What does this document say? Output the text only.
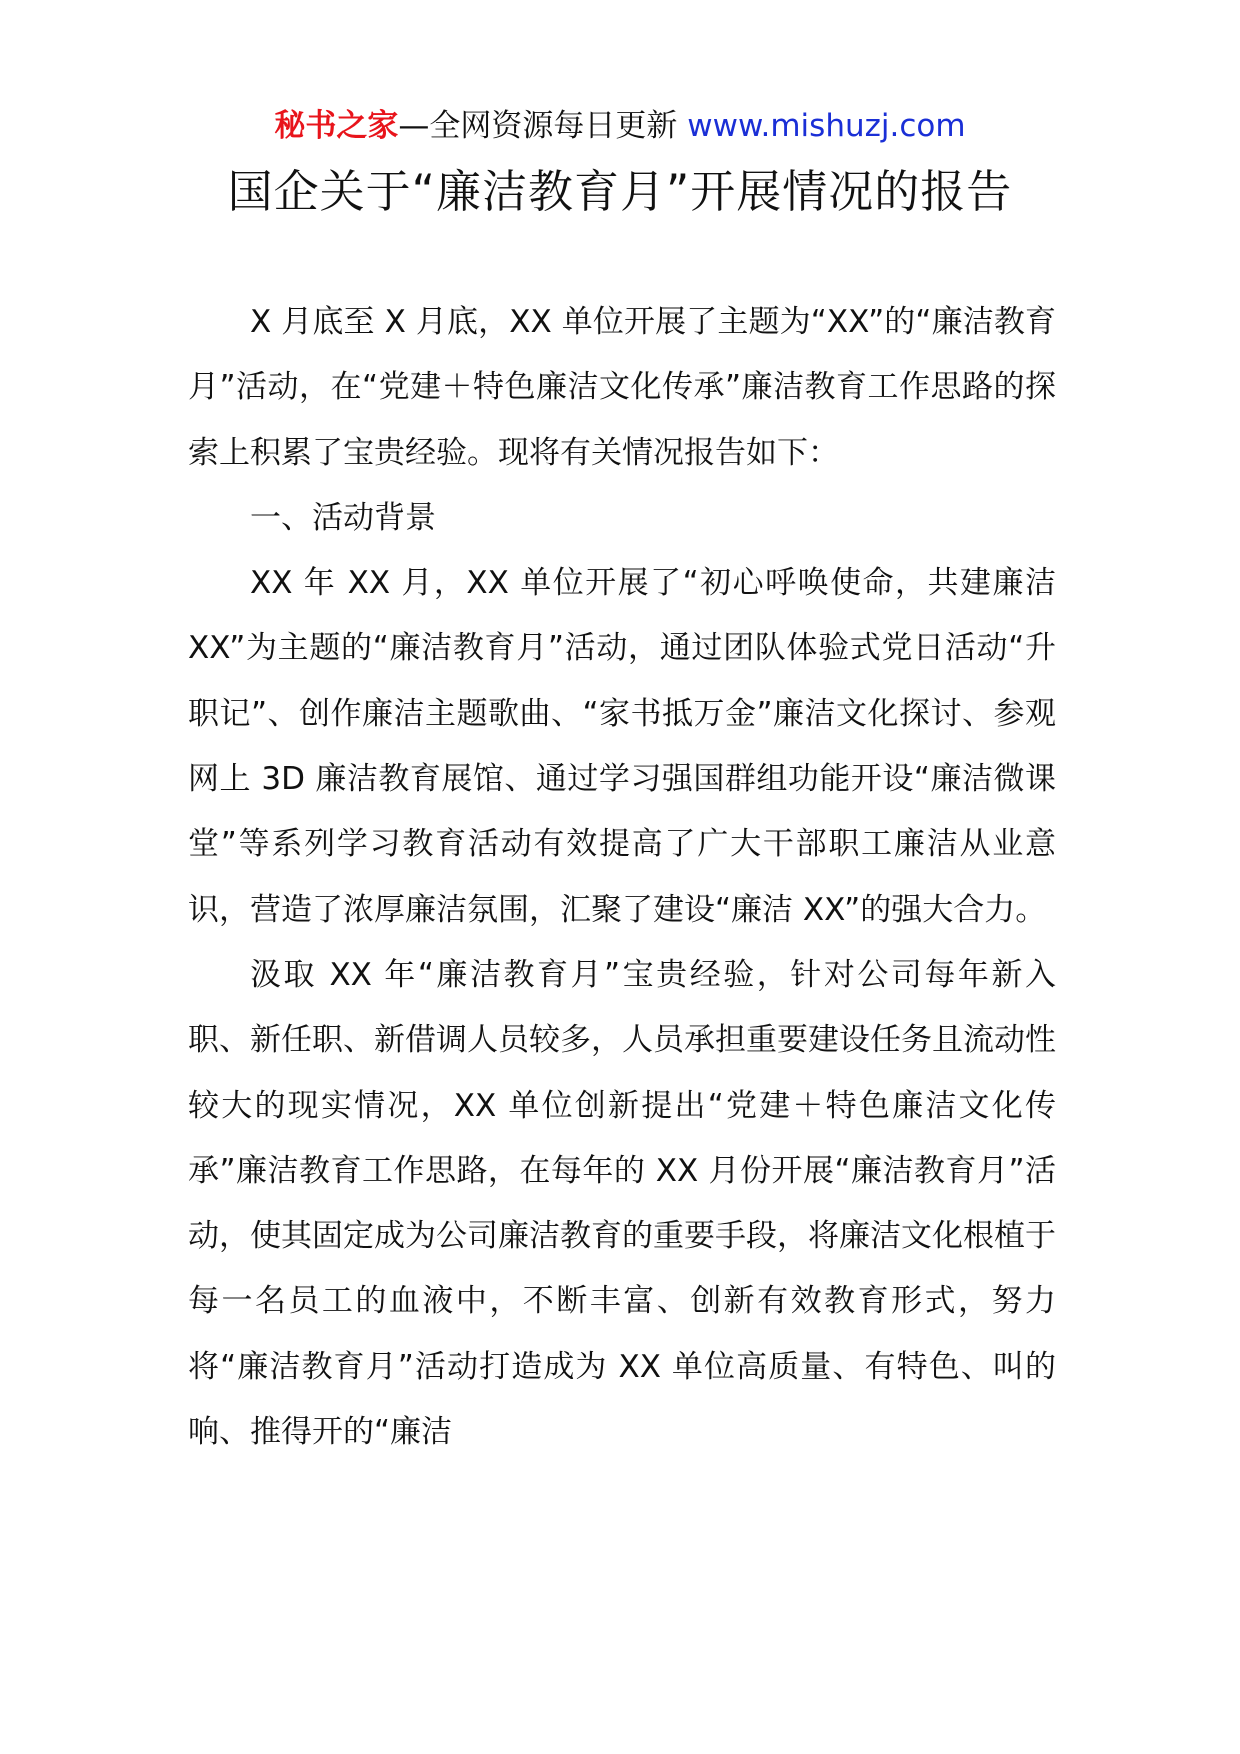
秘书之家—全网资源每日更新 www.mishuzj.com
国企关于“廉洁教育月”开展情况的报告

X 月底至 X 月底，XX 单位开展了主题为“XX”的“廉洁教育月”活动，在“党建＋特色廉洁文化传承”廉洁教育工作思路的探索上积累了宝贵经验。现将有关情况报告如下：

一、活动背景

XX 年 XX 月，XX 单位开展了“初心呼唤使命，共建廉洁 XX”为主题的“廉洁教育月”活动，通过团队体验式党日活动“升职记”、创作廉洁主题歌曲、“家书抵万金”廉洁文化探讨、参观网上 3D 廉洁教育展馆、通过学习强国群组功能开设“廉洁微课堂”等系列学习教育活动有效提高了广大干部职工廉洁从业意识，营造了浓厚廉洁氛围，汇聚了建设“廉洁 XX”的强大合力。

汲取 XX 年“廉洁教育月”宝贵经验，针对公司每年新入职、新任职、新借调人员较多，人员承担重要建设任务且流动性较大的现实情况，XX 单位创新提出“党建＋特色廉洁文化传承”廉洁教育工作思路，在每年的 XX 月份开展“廉洁教育月”活动，使其固定成为公司廉洁教育的重要手段，将廉洁文化根植于每一名员工的血液中，不断丰富、创新有效教育形式，努力将“廉洁教育月”活动打造成为 XX 单位高质量、有特色、叫的响、推得开的“廉洁
